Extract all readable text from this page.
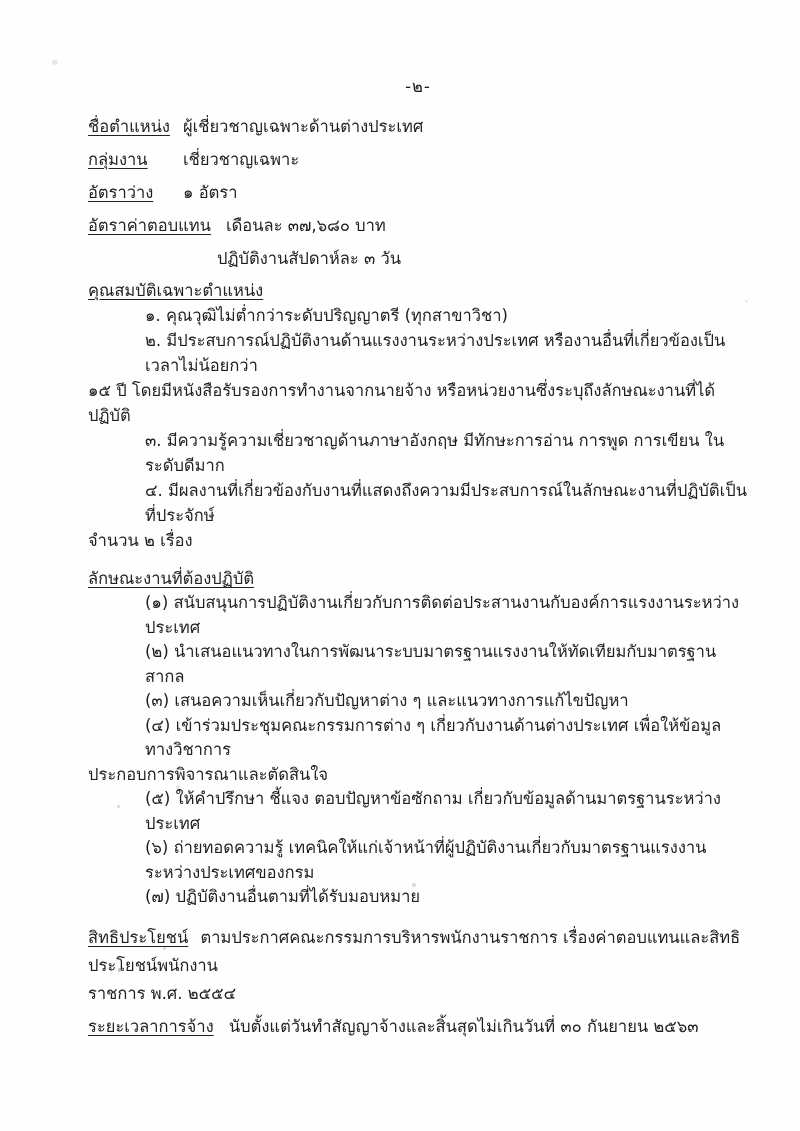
-๒-
ชื่อตำแหน่ง ผู้เชี่ยวชาญเฉพาะด้านต่างประเทศ
กลุ่มงาน	เชี่ยวชาญเฉพาะ
อัตราว่าง	๑ อัตรา
อัตราค่าตอบแทน เดือนละ ๓๗,๖๘๐ บาท
ปฏิบัติงานสัปดาห์ละ ๓ วัน
คุณสมบัติเฉพาะตำแหน่ง
๑. คุณวุฒิไม่ต่ำกว่าระดับปริญญาตรี (ทุกสาขาวิชา)
๒. มีประสบการณ์ปฏิบัติงานด้านแรงงานระหว่างประเทศ หรืองานอื่นที่เกี่ยวข้องเป็นเวลาไม่น้อยกว่า
๑๕ ปี โดยมีหนังสือรับรองการทำงานจากนายจ้าง หรือหน่วยงานซึ่งระบุถึงลักษณะงานที่ได้ปฏิบัติ
๓. มีความรู้ความเชี่ยวชาญด้านภาษาอังกฤษ มีทักษะการอ่าน การพูด การเขียน ในระดับดีมาก
๔. มีผลงานที่เกี่ยวข้องกับงานที่แสดงถึงความมีประสบการณ์ในลักษณะงานที่ปฏิบัติเป็นที่ประจักษ์
จำนวน ๒ เรื่อง
ลักษณะงานที่ต้องปฏิบัติ
(๑) สนับสนุนการปฏิบัติงานเกี่ยวกับการติดต่อประสานงานกับองค์การแรงงานระหว่างประเทศ
(๒) นำเสนอแนวทางในการพัฒนาระบบมาตรฐานแรงงานให้ทัดเทียมกับมาตรฐานสากล
(๓) เสนอความเห็นเกี่ยวกับปัญหาต่าง ๆ และแนวทางการแก้ไขปัญหา
(๔) เข้าร่วมประชุมคณะกรรมการต่าง ๆ เกี่ยวกับงานด้านต่างประเทศ เพื่อให้ข้อมูลทางวิชาการ
ประกอบการพิจารณาและตัดสินใจ
(๕) ให้คำปรึกษา ชี้แจง ตอบปัญหาข้อซักถาม เกี่ยวกับข้อมูลด้านมาตรฐานระหว่างประเทศ
(๖) ถ่ายทอดความรู้ เทคนิคให้แก่เจ้าหน้าที่ผู้ปฏิบัติงานเกี่ยวกับมาตรฐานแรงงานระหว่างประเทศของกรม
(๗) ปฏิบัติงานอื่นตามที่ได้รับมอบหมาย
สิทธิประโยชน์ ตามประกาศคณะกรรมการบริหารพนักงานราชการ เรื่องค่าตอบแทนและสิทธิประโยชน์พนักงาน
ราชการ พ.ศ. ๒๕๕๔
ระยะเวลาการจ้าง นับตั้งแต่วันทำสัญญาจ้างและสิ้นสุดไม่เกินวันที่ ๓๐ กันยายน ๒๕๖๓
